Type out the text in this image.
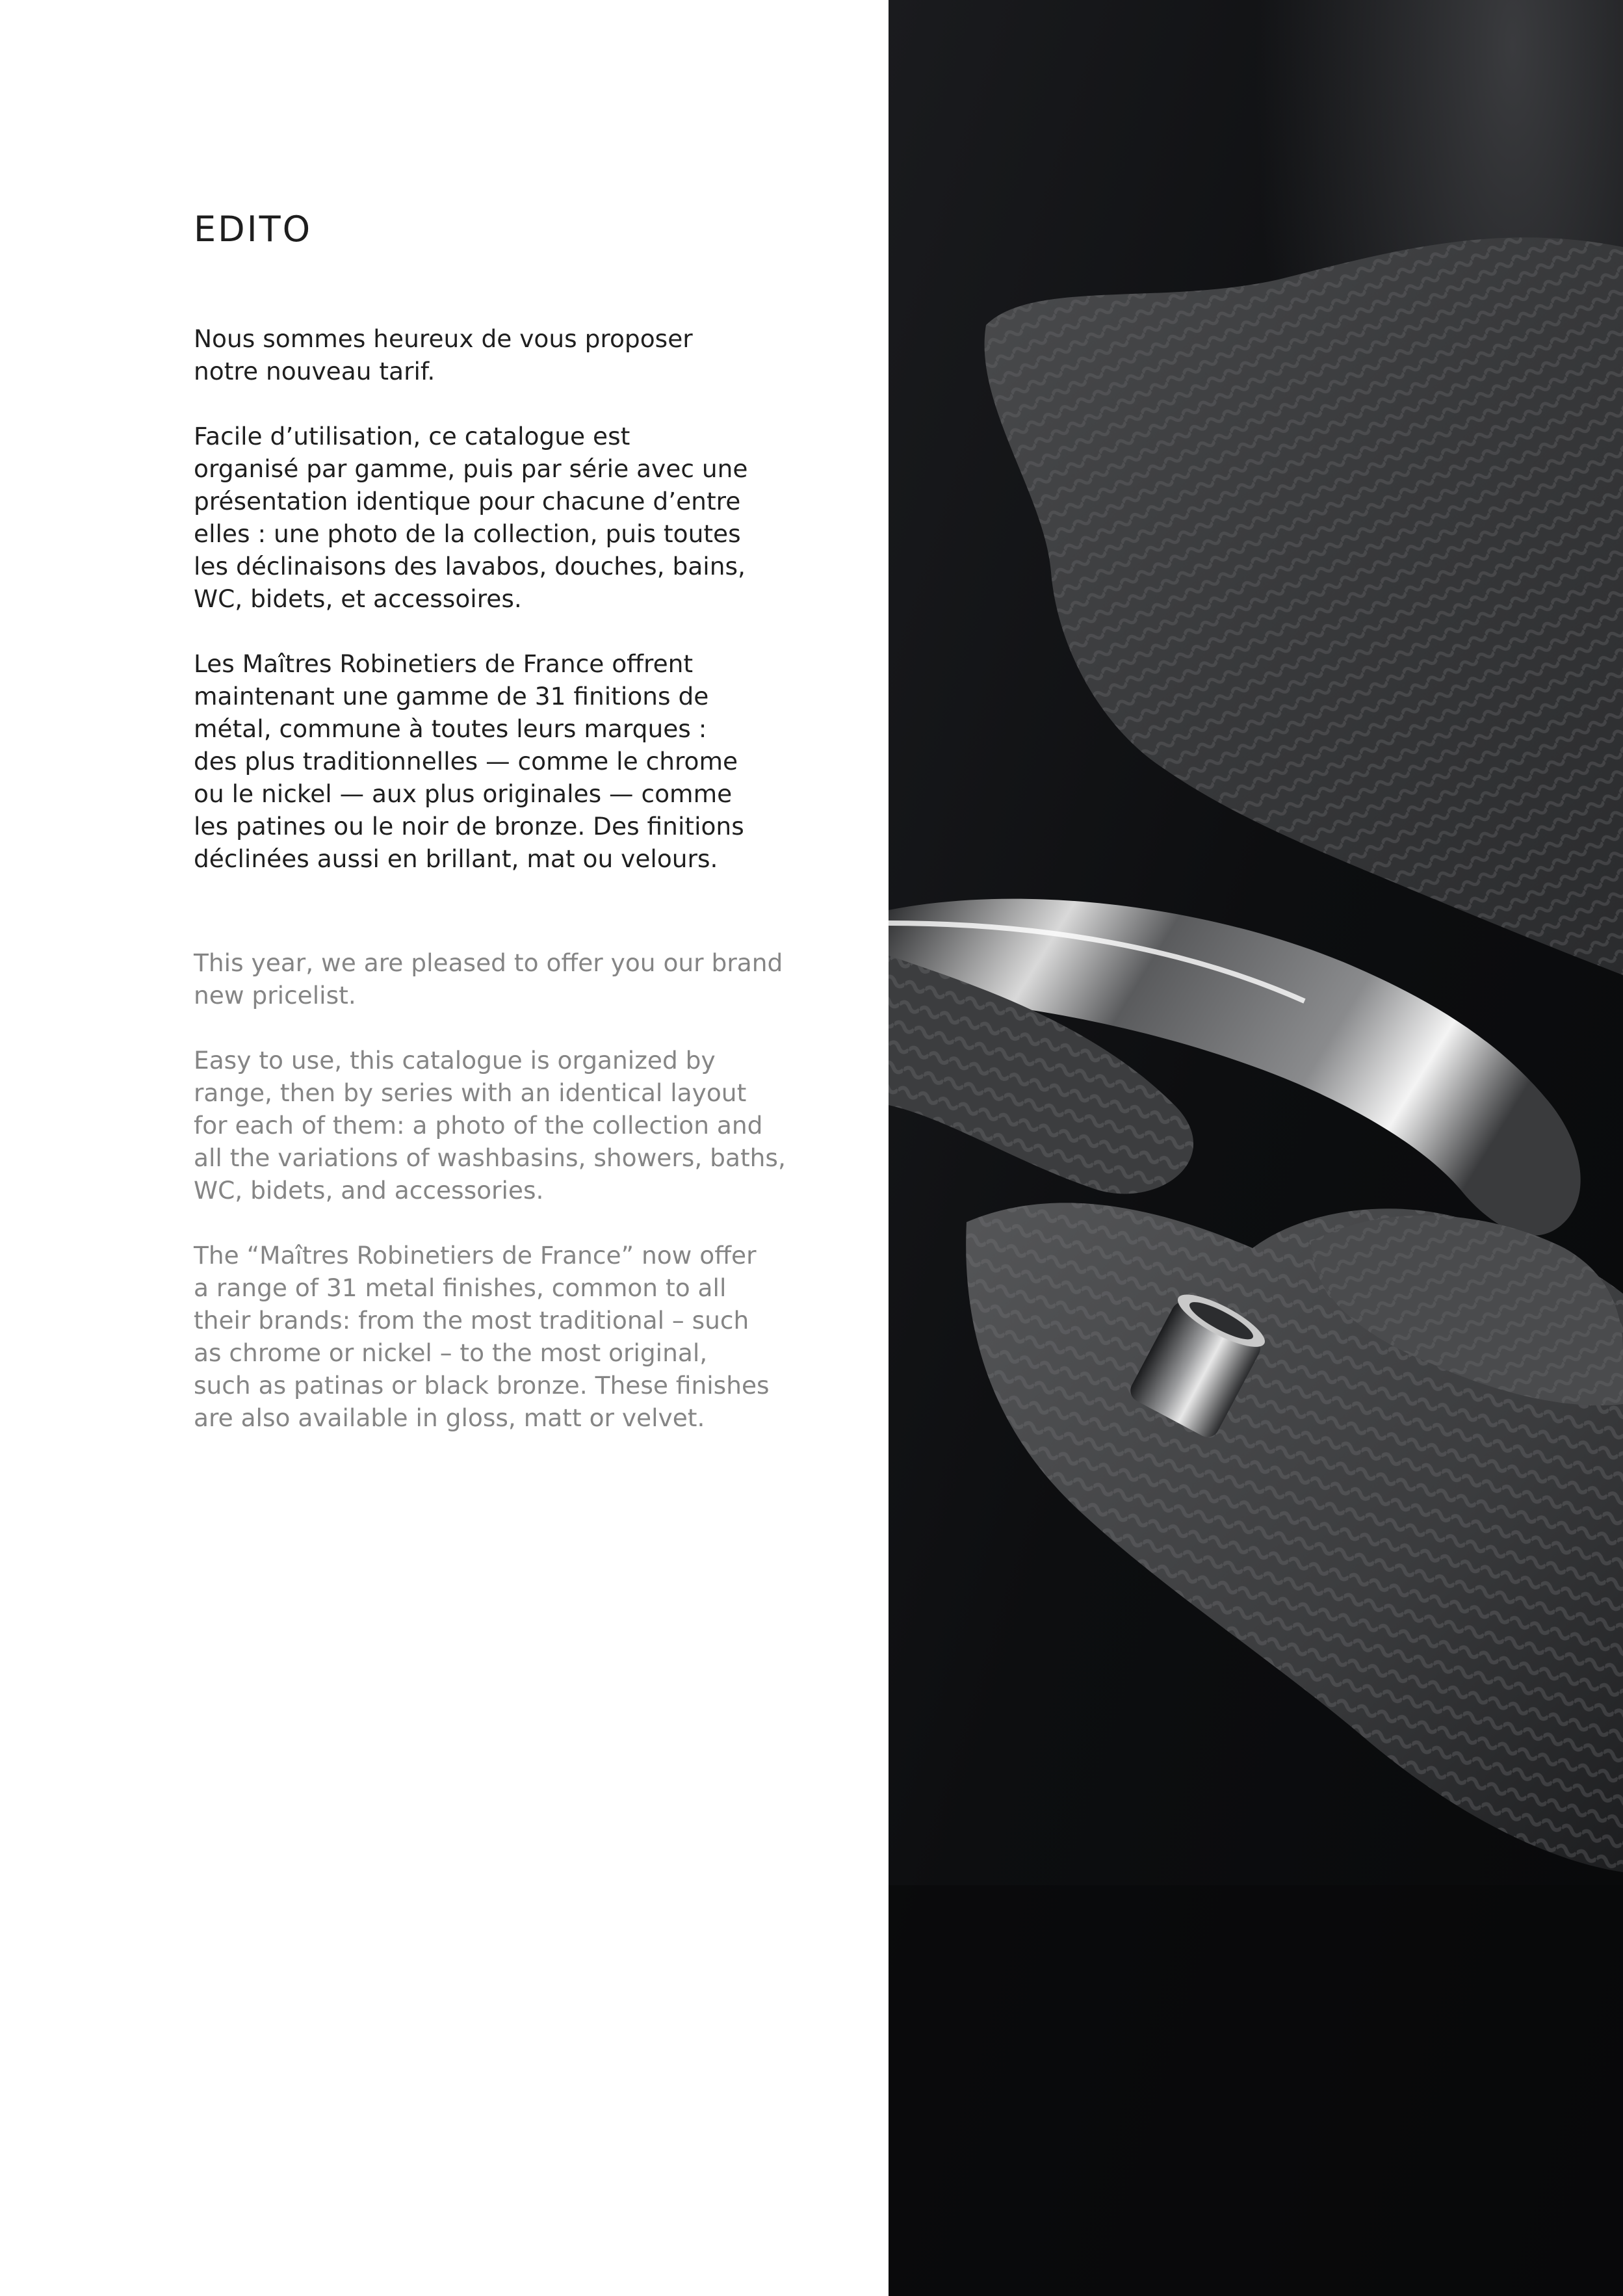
EDITO

Nous sommes heureux de vous proposer
notre nouveau tarif.

Facile d’utilisation, ce catalogue est
organisé par gamme, puis par série avec une
présentation identique pour chacune d’entre
elles : une photo de la collection, puis toutes
les déclinaisons des lavabos, douches, bains,
WC, bidets, et accessoires.

Les Maîtres Robinetiers de France offrent
maintenant une gamme de 31 finitions de
métal, commune à toutes leurs marques :
des plus traditionnelles — comme le chrome
ou le nickel — aux plus originales — comme
les patines ou le noir de bronze. Des finitions
déclinées aussi en brillant, mat ou velours.

This year, we are pleased to offer you our brand
new pricelist.

Easy to use, this catalogue is organized by
range, then by series with an identical layout
for each of them: a photo of the collection and
all the variations of washbasins, showers, baths,
WC, bidets, and accessories.

The “Maîtres Robinetiers de France” now offer
a range of 31 metal finishes, common to all
their brands: from the most traditional – such
as chrome or nickel – to the most original,
such as patinas or black bronze. These finishes
are also available in gloss, matt or velvet.
